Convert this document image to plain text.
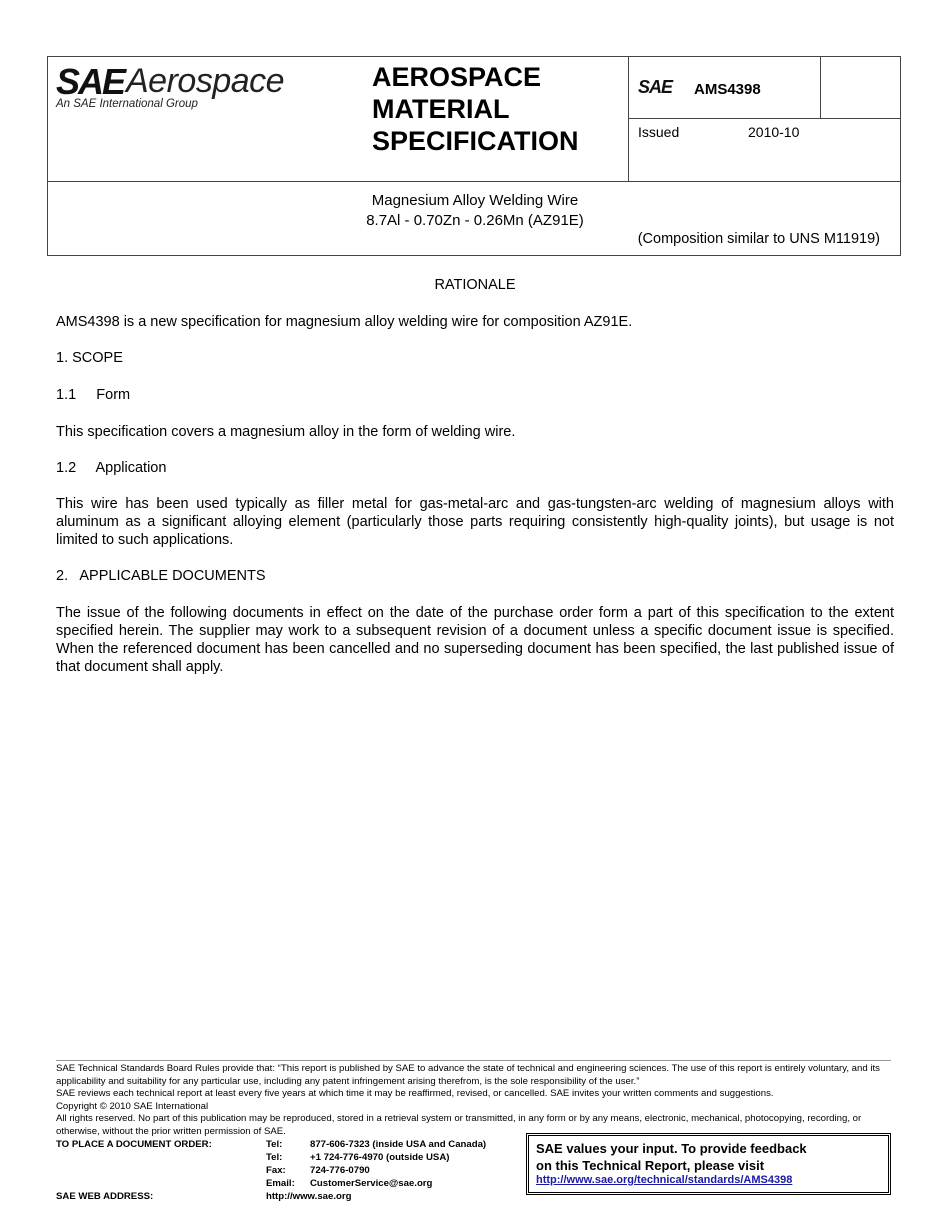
SAE Aerospace
An SAE International Group
AEROSPACE
MATERIAL
SPECIFICATION
SAE AMS4398
Issued	2010-10
Magnesium Alloy Welding Wire
8.7Al - 0.70Zn - 0.26Mn (AZ91E)
(Composition similar to UNS M11919)
RATIONALE
AMS4398 is a new specification for magnesium alloy welding wire for composition AZ91E.
1. SCOPE
1.1     Form
This specification covers a magnesium alloy in the form of welding wire.
1.2     Application
This wire has been used typically as filler metal for gas-metal-arc and gas-tungsten-arc welding of magnesium alloys with aluminum as a significant alloying element (particularly those parts requiring consistently high-quality joints), but usage is not limited to such applications.
2.   APPLICABLE DOCUMENTS
The issue of the following documents in effect on the date of the purchase order form a part of this specification to the extent specified herein. The supplier may work to a subsequent revision of a document unless a specific document issue is specified. When the referenced document has been cancelled and no superseding document has been specified, the last published issue of that document shall apply.
SAE Technical Standards Board Rules provide that: “This report is published by SAE to advance the state of technical and engineering sciences. The use of this report is entirely voluntary, and its applicability and suitability for any particular use, including any patent infringement arising therefrom, is the sole responsibility of the user.”
SAE reviews each technical report at least every five years at which time it may be reaffirmed, revised, or cancelled. SAE invites your written comments and suggestions.
Copyright © 2010 SAE International
All rights reserved. No part of this publication may be reproduced, stored in a retrieval system or transmitted, in any form or by any means, electronic, mechanical, photocopying, recording, or otherwise, without the prior written permission of SAE.
TO PLACE A DOCUMENT ORDER:	Tel:	877-606-7323 (inside USA and Canada)
Tel:	+1 724-776-4970 (outside USA)
Fax:	724-776-0790
Email: CustomerService@sae.org
SAE WEB ADDRESS:	http://www.sae.org
SAE values your input. To provide feedback
on this Technical Report, please visit
http://www.sae.org/technical/standards/AMS4398
